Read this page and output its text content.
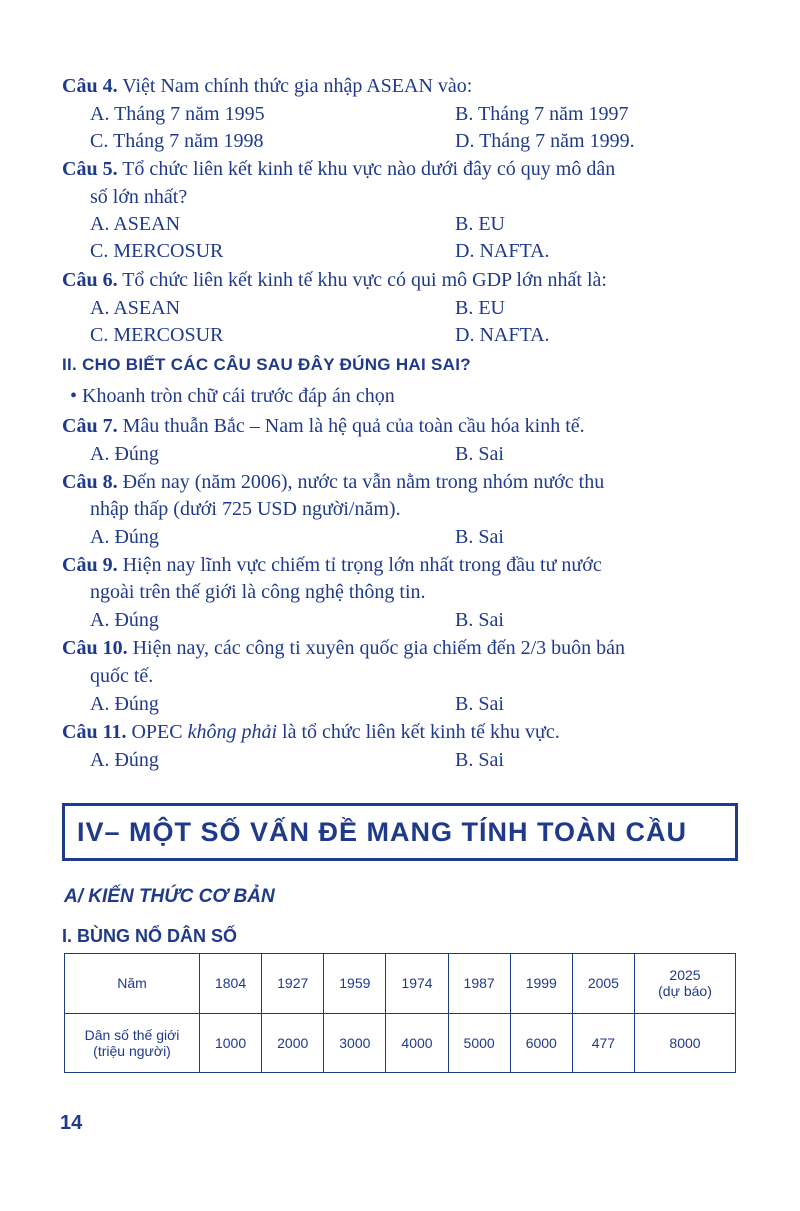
Câu 4. Việt Nam chính thức gia nhập ASEAN vào:
A. Tháng 7 năm 1995	B. Tháng 7 năm 1997
C. Tháng 7 năm 1998	D. Tháng 7 năm 1999.
Câu 5. Tổ chức liên kết kinh tế khu vực nào dưới đây có quy mô dân
số lớn nhất?
A. ASEAN	B. EU
C. MERCOSUR	D. NAFTA.
Câu 6. Tổ chức liên kết kinh tế khu vực có qui mô GDP lớn nhất là:
A. ASEAN	B. EU
C. MERCOSUR	D. NAFTA.
II. CHO BIẾT CÁC CÂU SAU ĐÂY ĐÚNG HAI SAI?
• Khoanh tròn chữ cái trước đáp án chọn
Câu 7. Mâu thuẫn Bắc – Nam là hệ quả của toàn cầu hóa kinh tế.
A. Đúng	B. Sai
Câu 8. Đến nay (năm 2006), nước ta vẫn nằm trong nhóm nước thu
nhập thấp (dưới 725 USD người/năm).
A. Đúng	B. Sai
Câu 9. Hiện nay lĩnh vực chiếm tỉ trọng lớn nhất trong đầu tư nước
ngoài trên thế giới là công nghệ thông tin.
A. Đúng	B. Sai
Câu 10. Hiện nay, các công ti xuyên quốc gia chiếm đến 2/3 buôn bán
quốc tế.
A. Đúng	B. Sai
Câu 11. OPEC không phải là tổ chức liên kết kinh tế khu vực.
A. Đúng	B. Sai
IV– MỘT SỐ VẤN ĐỀ MANG TÍNH TOÀN CẦU
A/ KIẾN THỨC CƠ BẢN
I. BÙNG NỔ DÂN SỐ
Năm	1804	1927	1959	1974	1987	1999	2005	2025
(dự báo)

Dân số thế giới
(triệu người)	1000	2000	3000	4000	5000	6000	477	8000
14
